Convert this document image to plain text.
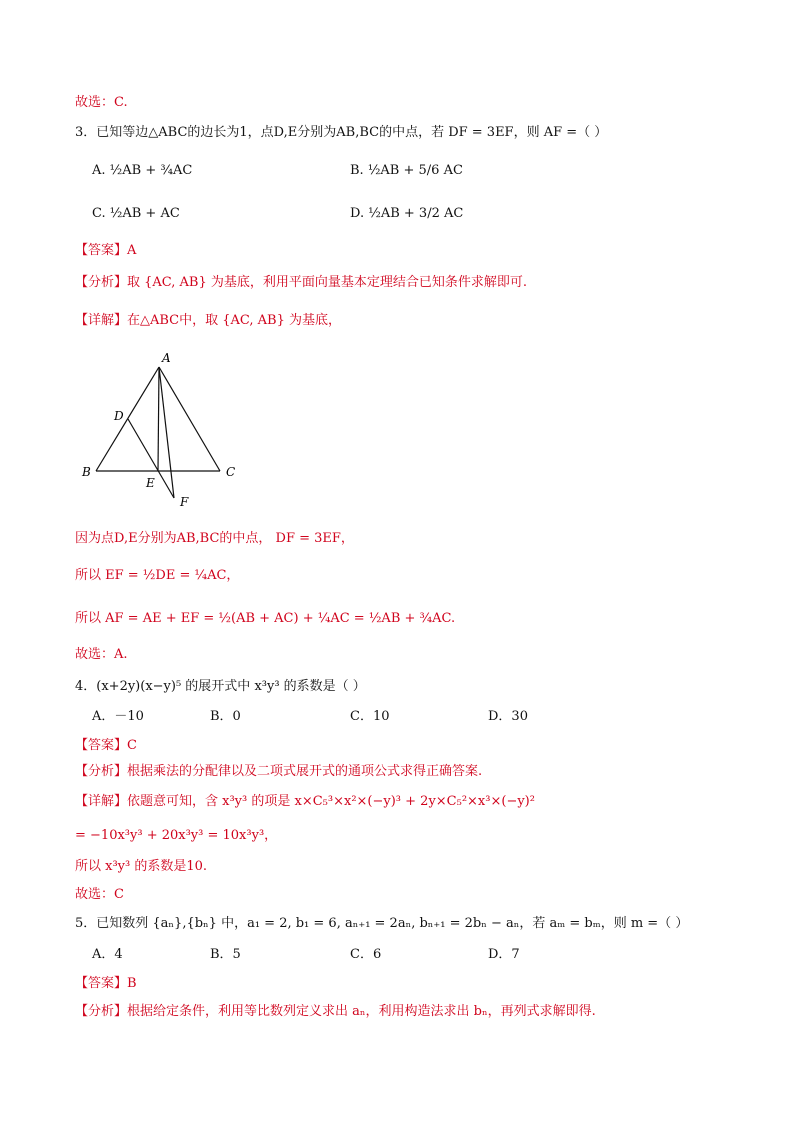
故选：C.
3．已知等边△ABC的边长为1，点D,E分别为AB,BC的中点，若 DF = 3EF，则 AF =（ ）
A. ½AB + ¾AC	B. ½AB + 5/6 AC
C. ½AB + AC	D. ½AB + 3/2 AC
【答案】A
【分析】取 {AC, AB} 为基底，利用平面向量基本定理结合已知条件求解即可.
【详解】在△ABC中，取 {AC, AB} 为基底，
A
B	C
D
E
F
因为点D,E分别为AB,BC的中点， DF = 3EF，
所以 EF = ½DE = ¼AC，
所以 AF = AE + EF = ½(AB + AC) + ¼AC = ½AB + ¾AC.
故选：A.
4．(x+2y)(x−y)⁵ 的展开式中 x³y³ 的系数是（ ）
A．－10	B．0	C．10	D．30
【答案】C
【分析】根据乘法的分配律以及二项式展开式的通项公式求得正确答案.
【详解】依题意可知，含 x³y³ 的项是 x×C₅³×x²×(−y)³ + 2y×C₅²×x³×(−y)²
= −10x³y³ + 20x³y³ = 10x³y³，
所以 x³y³ 的系数是10.
故选：C
5．已知数列 {aₙ},{bₙ} 中，a₁ = 2, b₁ = 6, aₙ₊₁ = 2aₙ, bₙ₊₁ = 2bₙ − aₙ，若 aₘ = bₘ，则 m =（ ）
A．4	B．5	C．6	D．7
【答案】B
【分析】根据给定条件，利用等比数列定义求出 aₙ，利用构造法求出 bₙ，再列式求解即得.
